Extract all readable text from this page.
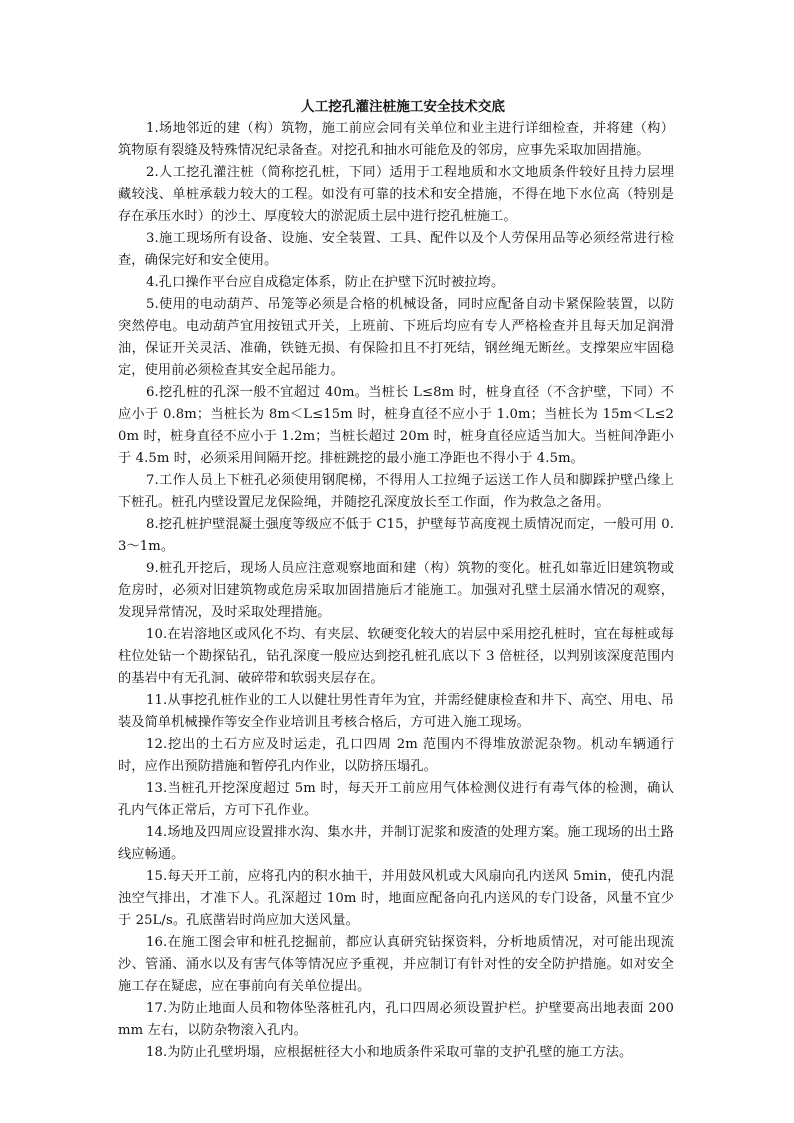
人工挖孔灌注桩施工安全技术交底

1.场地邻近的建（构）筑物，施工前应会同有关单位和业主进行详细检查，并将建（构）筑物原有裂缝及特殊情况纪录备查。对挖孔和抽水可能危及的邻房，应事先采取加固措施。

2.人工挖孔灌注桩（简称挖孔桩，下同）适用于工程地质和水文地质条件较好且持力层埋藏较浅、单桩承载力较大的工程。如没有可靠的技术和安全措施，不得在地下水位高（特别是存在承压水时）的沙土、厚度较大的淤泥质土层中进行挖孔桩施工。

3.施工现场所有设备、设施、安全装置、工具、配件以及个人劳保用品等必须经常进行检查，确保完好和安全使用。

4.孔口操作平台应自成稳定体系，防止在护壁下沉时被拉垮。

5.使用的电动葫芦、吊笼等必须是合格的机械设备，同时应配备自动卡紧保险装置，以防突然停电。电动葫芦宜用按钮式开关，上班前、下班后均应有专人严格检查并且每天加足润滑油，保证开关灵活、准确，铁链无损、有保险扣且不打死结，钢丝绳无断丝。支撑架应牢固稳定，使用前必须检查其安全起吊能力。

6.挖孔桩的孔深一般不宜超过 40m。当桩长 L≤8m 时，桩身直径（不含护壁，下同）不应小于 0.8m；当桩长为 8m＜L≤15m 时，桩身直径不应小于 1.0m；当桩长为 15m＜L≤20m 时，桩身直径不应小于 1.2m；当桩长超过 20m 时，桩身直径应适当加大。当桩间净距小于 4.5m 时，必须采用间隔开挖。排桩跳挖的最小施工净距也不得小于 4.5m。

7.工作人员上下桩孔必须使用钢爬梯，不得用人工拉绳子运送工作人员和脚踩护壁凸缘上下桩孔。桩孔内壁设置尼龙保险绳，并随挖孔深度放长至工作面，作为救急之备用。

8.挖孔桩护壁混凝土强度等级应不低于 C15，护壁每节高度视土质情况而定，一般可用 0.3～1m。

9.桩孔开挖后，现场人员应注意观察地面和建（构）筑物的变化。桩孔如靠近旧建筑物或危房时，必须对旧建筑物或危房采取加固措施后才能施工。加强对孔壁土层涌水情况的观察，发现异常情况，及时采取处理措施。

10.在岩溶地区或风化不均、有夹层、软硬变化较大的岩层中采用挖孔桩时，宜在每桩或每柱位处钻一个勘探钻孔，钻孔深度一般应达到挖孔桩孔底以下 3 倍桩径，以判别该深度范围内的基岩中有无孔洞、破碎带和软弱夹层存在。

11.从事挖孔桩作业的工人以健壮男性青年为宜，并需经健康检查和井下、高空、用电、吊装及简单机械操作等安全作业培训且考核合格后，方可进入施工现场。

12.挖出的土石方应及时运走，孔口四周 2m 范围内不得堆放淤泥杂物。机动车辆通行时，应作出预防措施和暂停孔内作业，以防挤压塌孔。

13.当桩孔开挖深度超过 5m 时，每天开工前应用气体检测仪进行有毒气体的检测，确认孔内气体正常后，方可下孔作业。

14.场地及四周应设置排水沟、集水井，并制订泥浆和废渣的处理方案。施工现场的出土路线应畅通。

15.每天开工前，应将孔内的积水抽干，并用鼓风机或大风扇向孔内送风 5min，使孔内混浊空气排出，才准下人。孔深超过 10m 时，地面应配备向孔内送风的专门设备，风量不宜少于 25L/s。孔底凿岩时尚应加大送风量。

16.在施工图会审和桩孔挖掘前，都应认真研究钻探资料，分析地质情况，对可能出现流沙、管涌、涌水以及有害气体等情况应予重视，并应制订有针对性的安全防护措施。如对安全施工存在疑虑，应在事前向有关单位提出。

17.为防止地面人员和物体坠落桩孔内，孔口四周必须设置护栏。护壁要高出地表面 200mm 左右，以防杂物滚入孔内。

18.为防止孔壁坍塌，应根据桩径大小和地质条件采取可靠的支护孔壁的施工方法。
